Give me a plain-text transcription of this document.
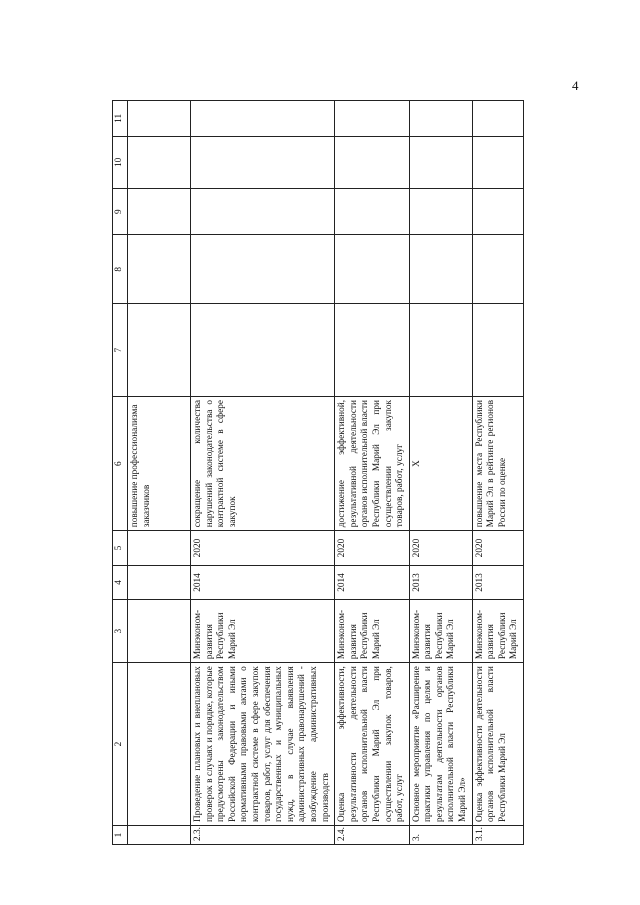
4
1	2	3	4	5	6	7	8	9	10	11
					повышение профессионализма заказчиков					
2.3.	Проведение плановых и внеплановых проверок в случаях и порядке, которые предусмотрены законодательством Российской Федерации и иными нормативными правовыми актами о контрактной системе в сфере закупок товаров, работ, услуг для обеспечения государственных и муниципальных нужд, в случае выявления административных правонарушений - возбуждение административных производств	Минэконом-развития Республики Марий Эл	2014	2020	сокращение количества нарушений законодательства о контрактной системе в сфере закупок					
2.4.	Оценка эффективности, результативности деятельности органов исполнительной власти Республики Марий Эл при осуществлении закупок товаров, работ, услуг	Минэконом-развития Республики Марий Эл	2014	2020	достижение эффективной, результативной деятельности органов исполнительной власти Республики Марий Эл при осуществлении закупок товаров, работ, услуг					
3.	Основное мероприятие «Расширение практики управления по целям и результатам деятельности органов исполнительной власти Республики Марий Эл»	Минэконом-развития Республики Марий Эл	2013	2020	Х					
3.1.	Оценка эффективности деятельности органов исполнительной власти Республики Марий Эл	Минэконом-развития Республики Марий Эл	2013	2020	повышение места Республики Марий Эл в рейтинге регионов России по оценке					
